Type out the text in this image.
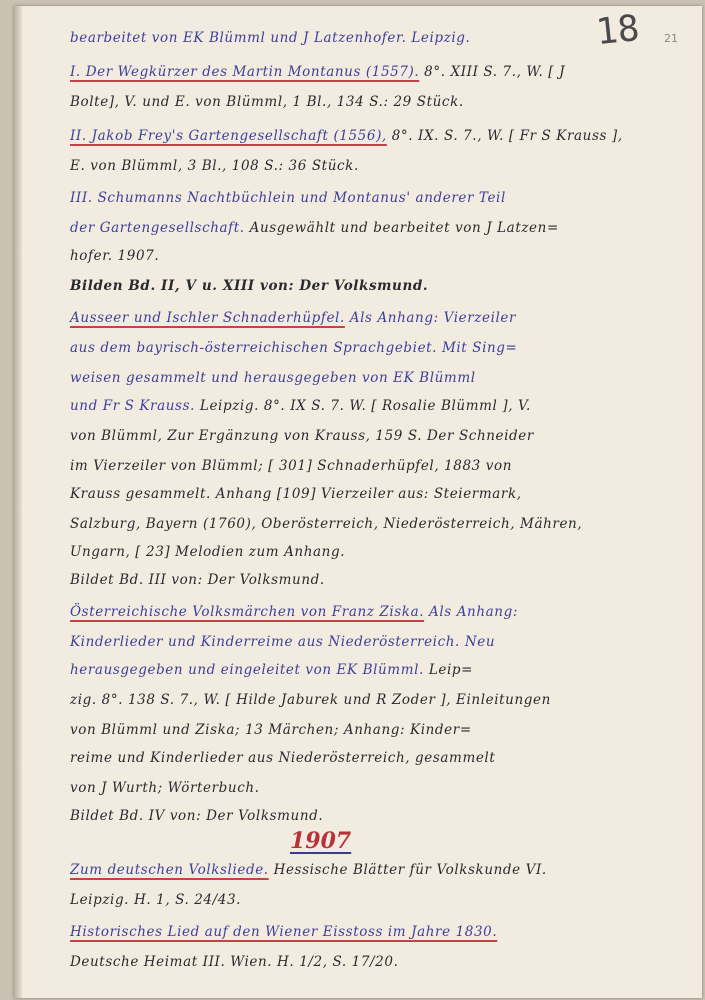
18 21
1907
bearbeitet von EK Blümml und J Latzenhofer. Leipzig.
I. Der Wegkürzer des Martin Montanus (1557). 8°. XIII S. 7., W. [ J
Bolte], V. und E. von Blümml, 1 Bl., 134 S.: 29 Stück.
II. Jakob Frey's Gartengesellschaft (1556), 8°. IX. S. 7., W. [ Fr S Krauss ],
E. von Blümml, 3 Bl., 108 S.: 36 Stück.
III. Schumanns Nachtbüchlein und Montanus' anderer Teil
der Gartengesellschaft. Ausgewählt und bearbeitet von J Latzen=
hofer. 1907.
Bilden Bd. II, V u. XIII von: Der Volksmund.
Ausseer und Ischler Schnaderhüpfel. Als Anhang: Vierzeiler
aus dem bayrisch-österreichischen Sprachgebiet. Mit Sing=
weisen gesammelt und herausgegeben von EK Blümml
und Fr S Krauss. Leipzig. 8°. IX S. 7. W. [ Rosalie Blümml ], V.
von Blümml, Zur Ergänzung von Krauss, 159 S. Der Schneider
im Vierzeiler von Blümml; [ 301] Schnaderhüpfel, 1883 von
Krauss gesammelt. Anhang [109] Vierzeiler aus: Steiermark,
Salzburg, Bayern (1760), Oberösterreich, Niederösterreich, Mähren,
Ungarn, [ 23] Melodien zum Anhang.
Bildet Bd. III von: Der Volksmund.
Österreichische Volksmärchen von Franz Ziska. Als Anhang:
Kinderlieder und Kinderreime aus Niederösterreich. Neu
herausgegeben und eingeleitet von EK Blümml. Leip=
zig. 8°. 138 S. 7., W. [ Hilde Jaburek und R Zoder ], Einleitungen
von Blümml und Ziska; 13 Märchen; Anhang: Kinder=
reime und Kinderlieder aus Niederösterreich, gesammelt
von J Wurth; Wörterbuch.
Bildet Bd. IV von: Der Volksmund.
Zum deutschen Volksliede. Hessische Blätter für Volkskunde VI.
Leipzig. H. 1, S. 24/43.
Historisches Lied auf den Wiener Eisstoss im Jahre 1830.
Deutsche Heimat III. Wien. H. 1/2, S. 17/20.
